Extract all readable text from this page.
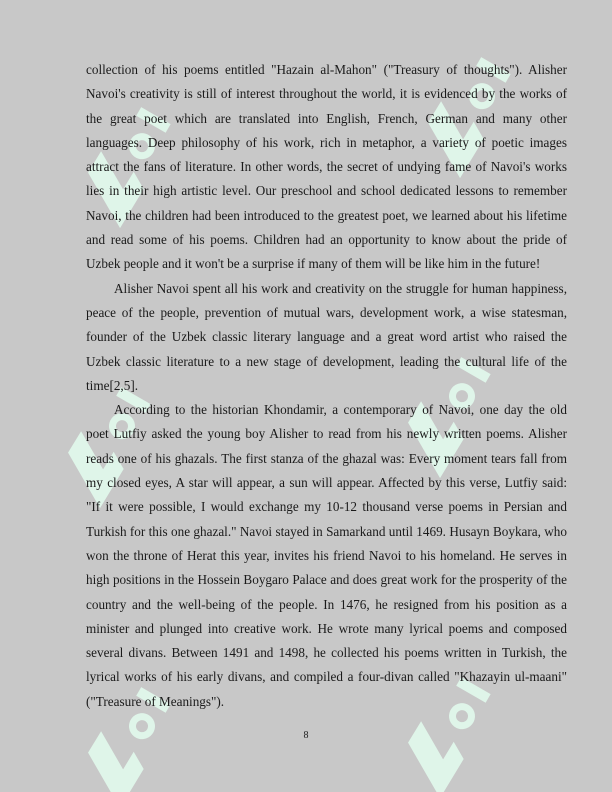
collection of his poems entitled "Hazain al-Mahon" ("Treasury of thoughts"). Alisher Navoi's creativity is still of interest throughout the world, it is evidenced by the works of the great poet which are translated into English, French, German and many other languages. Deep philosophy of his work, rich in metaphor, a variety of poetic images attract the fans of literature. In other words, the secret of undying fame of Navoi's works lies in their high artistic level. Our preschool and school dedicated lessons to remember Navoi, the children had been introduced to the greatest poet, we learned about his lifetime and read some of his poems. Children had an opportunity to know about the pride of Uzbek people and it won't be a surprise if many of them will be like him in the future!

Alisher Navoi spent all his work and creativity on the struggle for human happiness, peace of the people, prevention of mutual wars, development work, a wise statesman, founder of the Uzbek classic literary language and a great word artist who raised the Uzbek classic literature to a new stage of development, leading the cultural life of the time[2,5].

According to the historian Khondamir, a contemporary of Navoi, one day the old poet Lutfiy asked the young boy Alisher to read from his newly written poems. Alisher reads one of his ghazals. The first stanza of the ghazal was: Every moment tears fall from my closed eyes, A star will appear, a sun will appear. Affected by this verse, Lutfiy said: "If it were possible, I would exchange my 10-12 thousand verse poems in Persian and Turkish for this one ghazal." Navoi stayed in Samarkand until 1469. Husayn Boykara, who won the throne of Herat this year, invites his friend Navoi to his homeland. He serves in high positions in the Hossein Boygaro Palace and does great work for the prosperity of the country and the well-being of the people. In 1476, he resigned from his position as a minister and plunged into creative work. He wrote many lyrical poems and composed several divans. Between 1491 and 1498, he collected his poems written in Turkish, the lyrical works of his early divans, and compiled a four-divan called "Khazayin ul-maani" ("Treasure of Meanings").

8
